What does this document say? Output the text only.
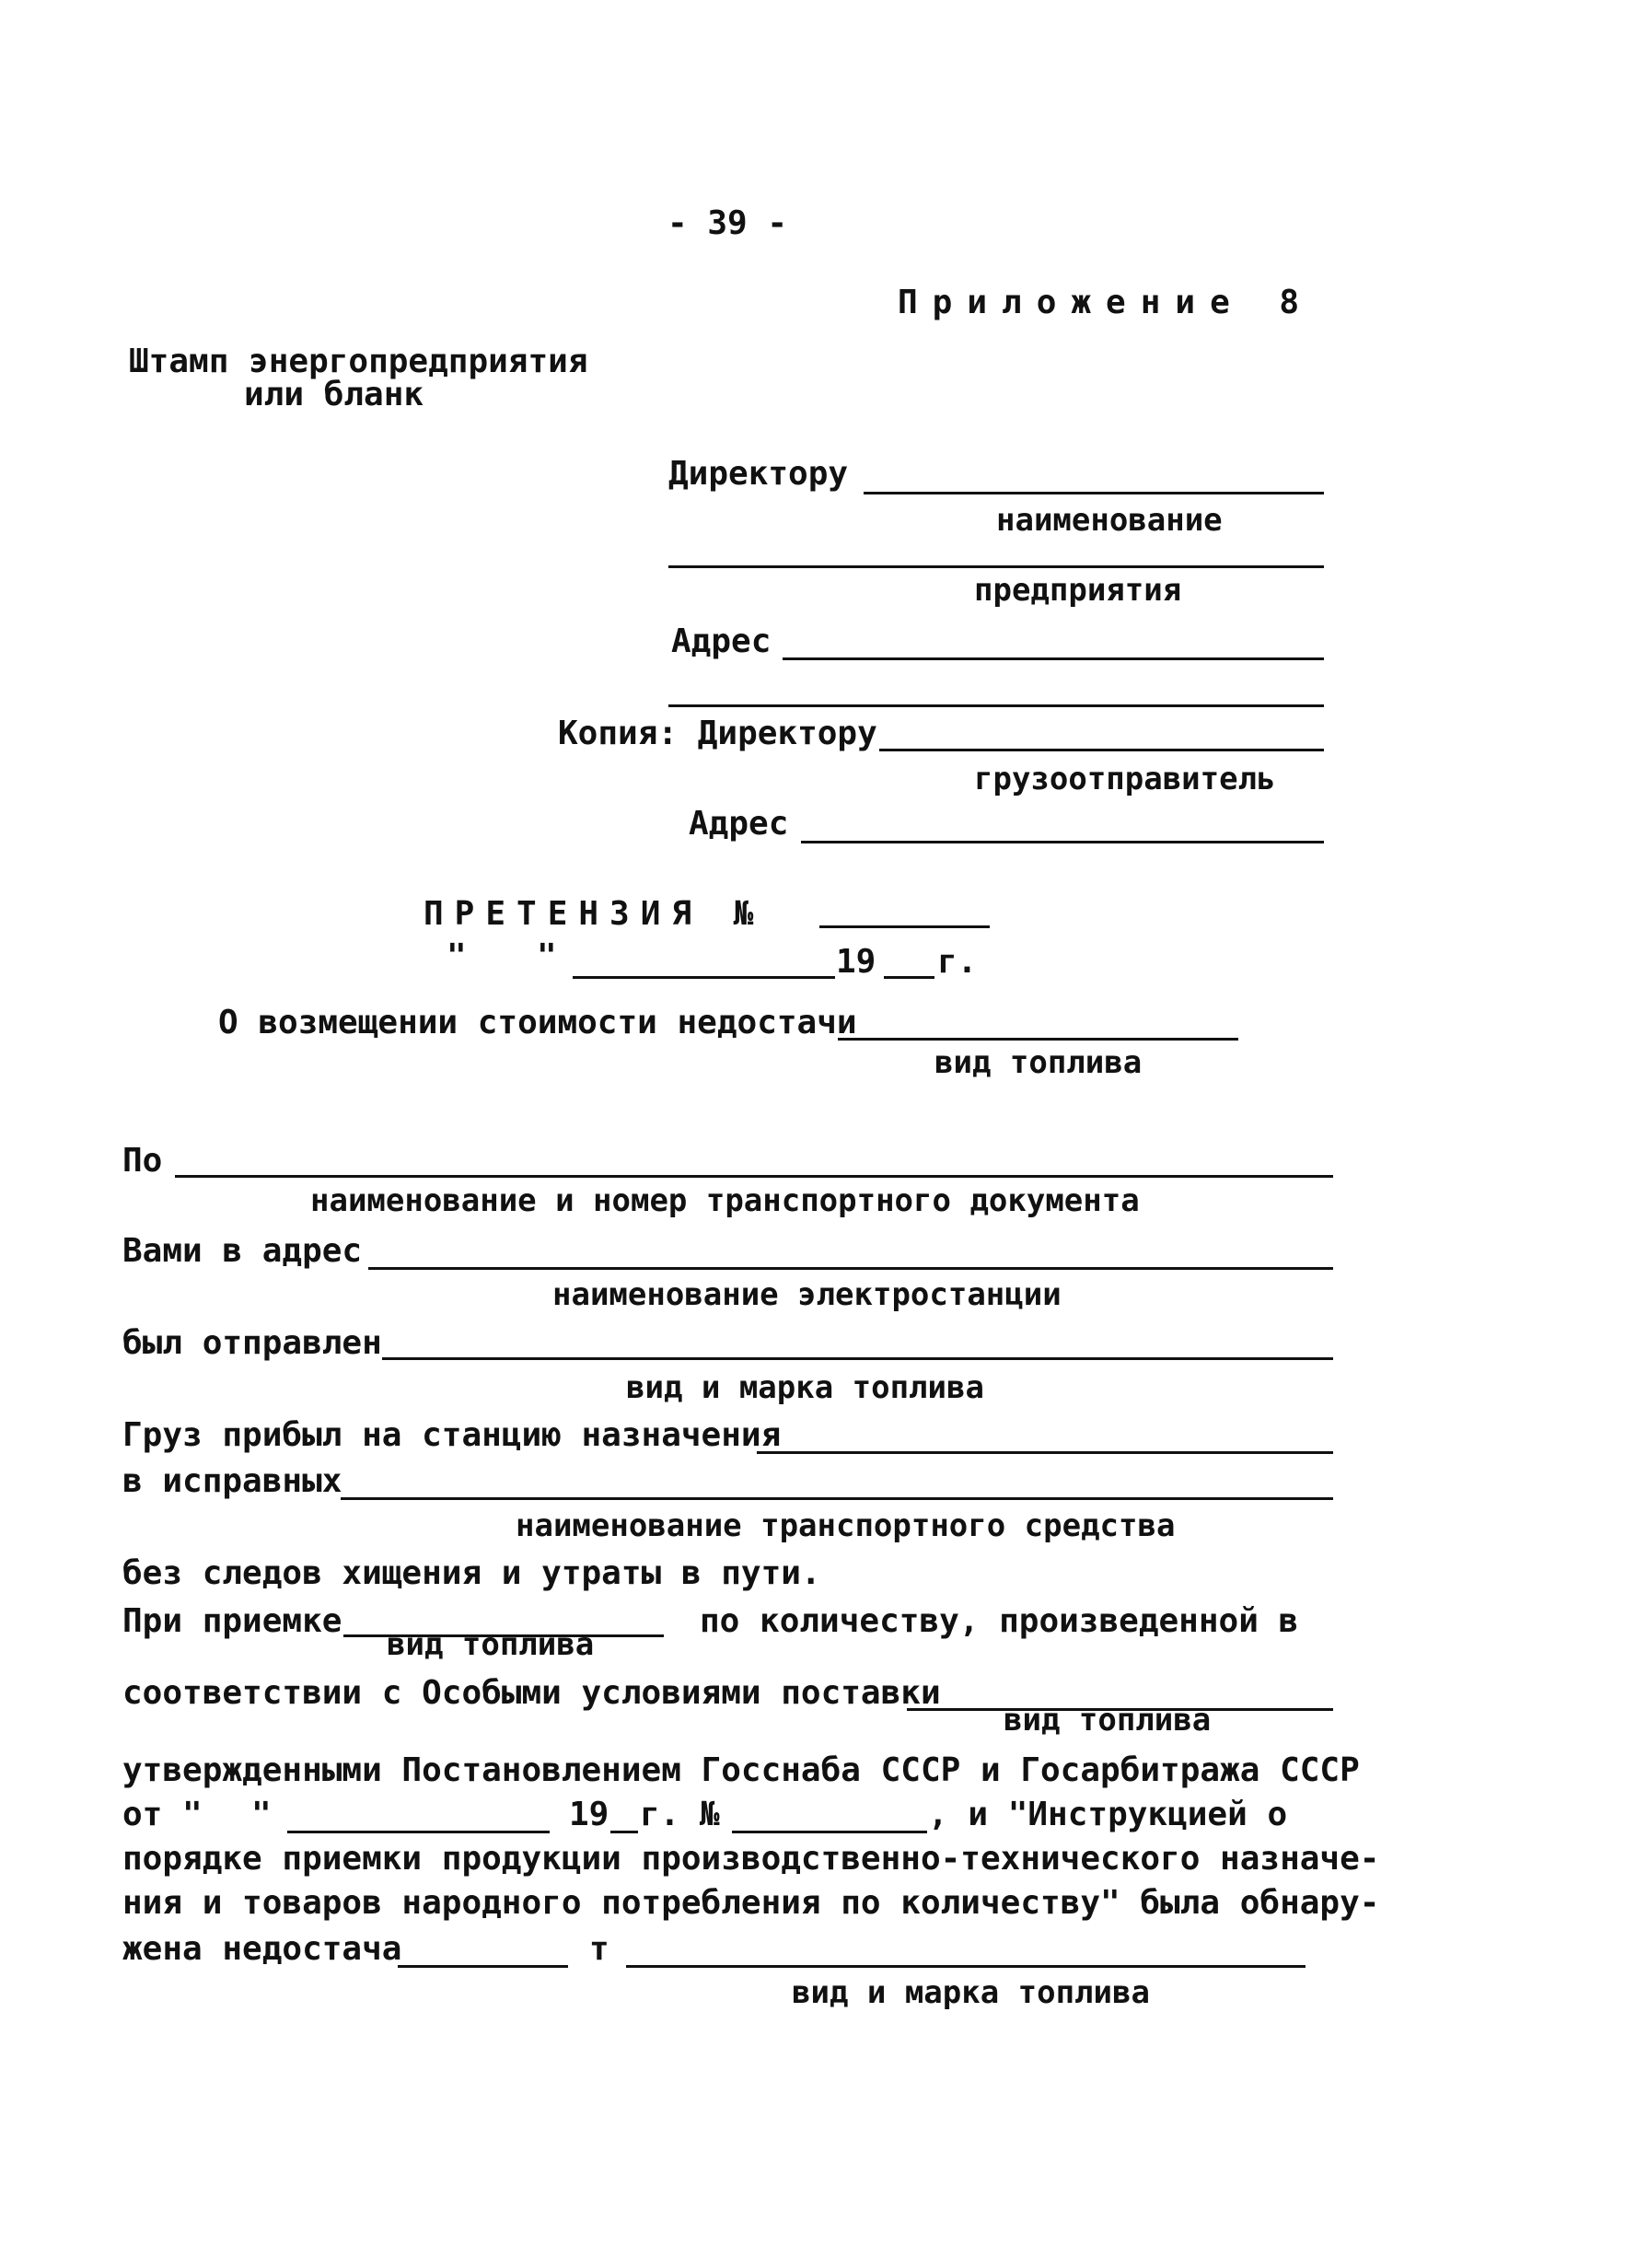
- 39 -
Приложение 8
Штамп энергопредприятия
или бланк
Директору
наименование
предприятия
Адрес
Копия: Директору
грузоотправитель
Адрес
ПРЕТЕНЗИЯ №
" "	19 г.
О возмещении стоимости недостачи
вид топлива
По
наименование и номер транспортного документа
Вами в адрес
наименование электростанции
был отправлен
вид и марка топлива
Груз прибыл на станцию назначения
в исправных
наименование транспортного средства
без следов хищения и утраты в пути.
При приемке
вид топлива
по количеству, произведенной в
соответствии с Особыми условиями поставки
вид топлива
утвержденными Постановлением Госснаба СССР и Госарбитража СССР
от " "	19 г. №	, и "Инструкцией о
порядке приемки продукции производственно-технического назначе-
ния и товаров народного потребления по количеству" была обнару-
жена недостача	т
вид и марка топлива
